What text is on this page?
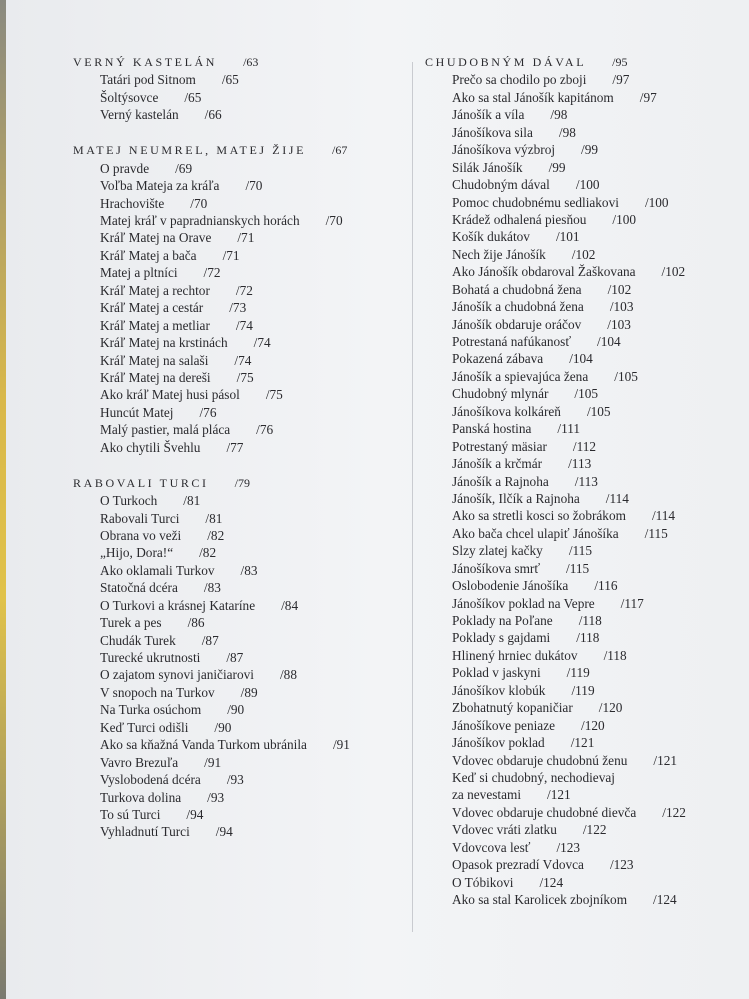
VERNÝ KASTELÁN /63
Tatári pod Sitnom /65
Šoltýsovce /65
Verný kastelán /66
MATEJ NEUMREL, MATEJ ŽIJE /67
O pravde /69
Voľba Mateja za kráľa /70
Hrachovište /70
Matej kráľ v papradnianskych horách /70
Kráľ Matej na Orave /71
Kráľ Matej a bača /71
Matej a pltníci /72
Kráľ Matej a rechtor /72
Kráľ Matej a cestár /73
Kráľ Matej a metliar /74
Kráľ Matej na krstinách /74
Kráľ Matej na salaši /74
Kráľ Matej na dereši /75
Ako kráľ Matej husi pásol /75
Huncút Matej /76
Malý pastier, malá pláca /76
Ako chytili Švehlu /77
RABOVALI TURCI /79
O Turkoch /81
Rabovali Turci /81
Obrana vo veži /82
„Hijo, Dora!“ /82
Ako oklamali Turkov /83
Statočná dcéra /83
O Turkovi a krásnej Kataríne /84
Turek a pes /86
Chudák Turek /87
Turecké ukrutnosti /87
O zajatom synovi janičiarovi /88
V snopoch na Turkov /89
Na Turka osúchom /90
Keď Turci odišli /90
Ako sa kňažná Vanda Turkom ubránila /91
Vavro Brezuľa /91
Vyslobodená dcéra /93
Turkova dolina /93
To sú Turci /94
Vyhladnutí Turci /94
CHUDOBNÝM DÁVAL /95
Prečo sa chodilo po zboji /97
Ako sa stal Jánošík kapitánom /97
Jánošík a víla /98
Jánošíkova sila /98
Jánošíkova výzbroj /99
Silák Jánošík /99
Chudobným dával /100
Pomoc chudobnému sedliakovi /100
Krádež odhalená piesňou /100
Košík dukátov /101
Nech žije Jánošík /102
Ako Jánošík obdaroval Žaškovana /102
Bohatá a chudobná žena /102
Jánošík a chudobná žena /103
Jánošík obdaruje oráčov /103
Potrestaná nafúkanosť /104
Pokazená zábava /104
Jánošík a spievajúca žena /105
Chudobný mlynár /105
Jánošíkova kolkáreň /105
Panská hostina /111
Potrestaný mäsiar /112
Jánošík a krčmár /113
Jánošík a Rajnoha /113
Jánošík, Ilčík a Rajnoha /114
Ako sa stretli kosci so žobrákom /114
Ako bača chcel ulapiť Jánošíka /115
Slzy zlatej kačky /115
Jánošíkova smrť /115
Oslobodenie Jánošíka /116
Jánošíkov poklad na Vepre /117
Poklady na Poľane /118
Poklady s gajdami /118
Hlinený hrniec dukátov /118
Poklad v jaskyni /119
Jánošíkov klobúk /119
Zbohatnutý kopaničiar /120
Jánošíkove peniaze /120
Jánošíkov poklad /121
Vdovec obdaruje chudobnú ženu /121
Keď si chudobný, nechodievaj
za nevestami /121
Vdovec obdaruje chudobné dievča /122
Vdovec vráti zlatku /122
Vdovcova lesť /123
Opasok prezradí Vdovca /123
O Tóbikovi /124
Ako sa stal Karolicek zbojníkom /124
